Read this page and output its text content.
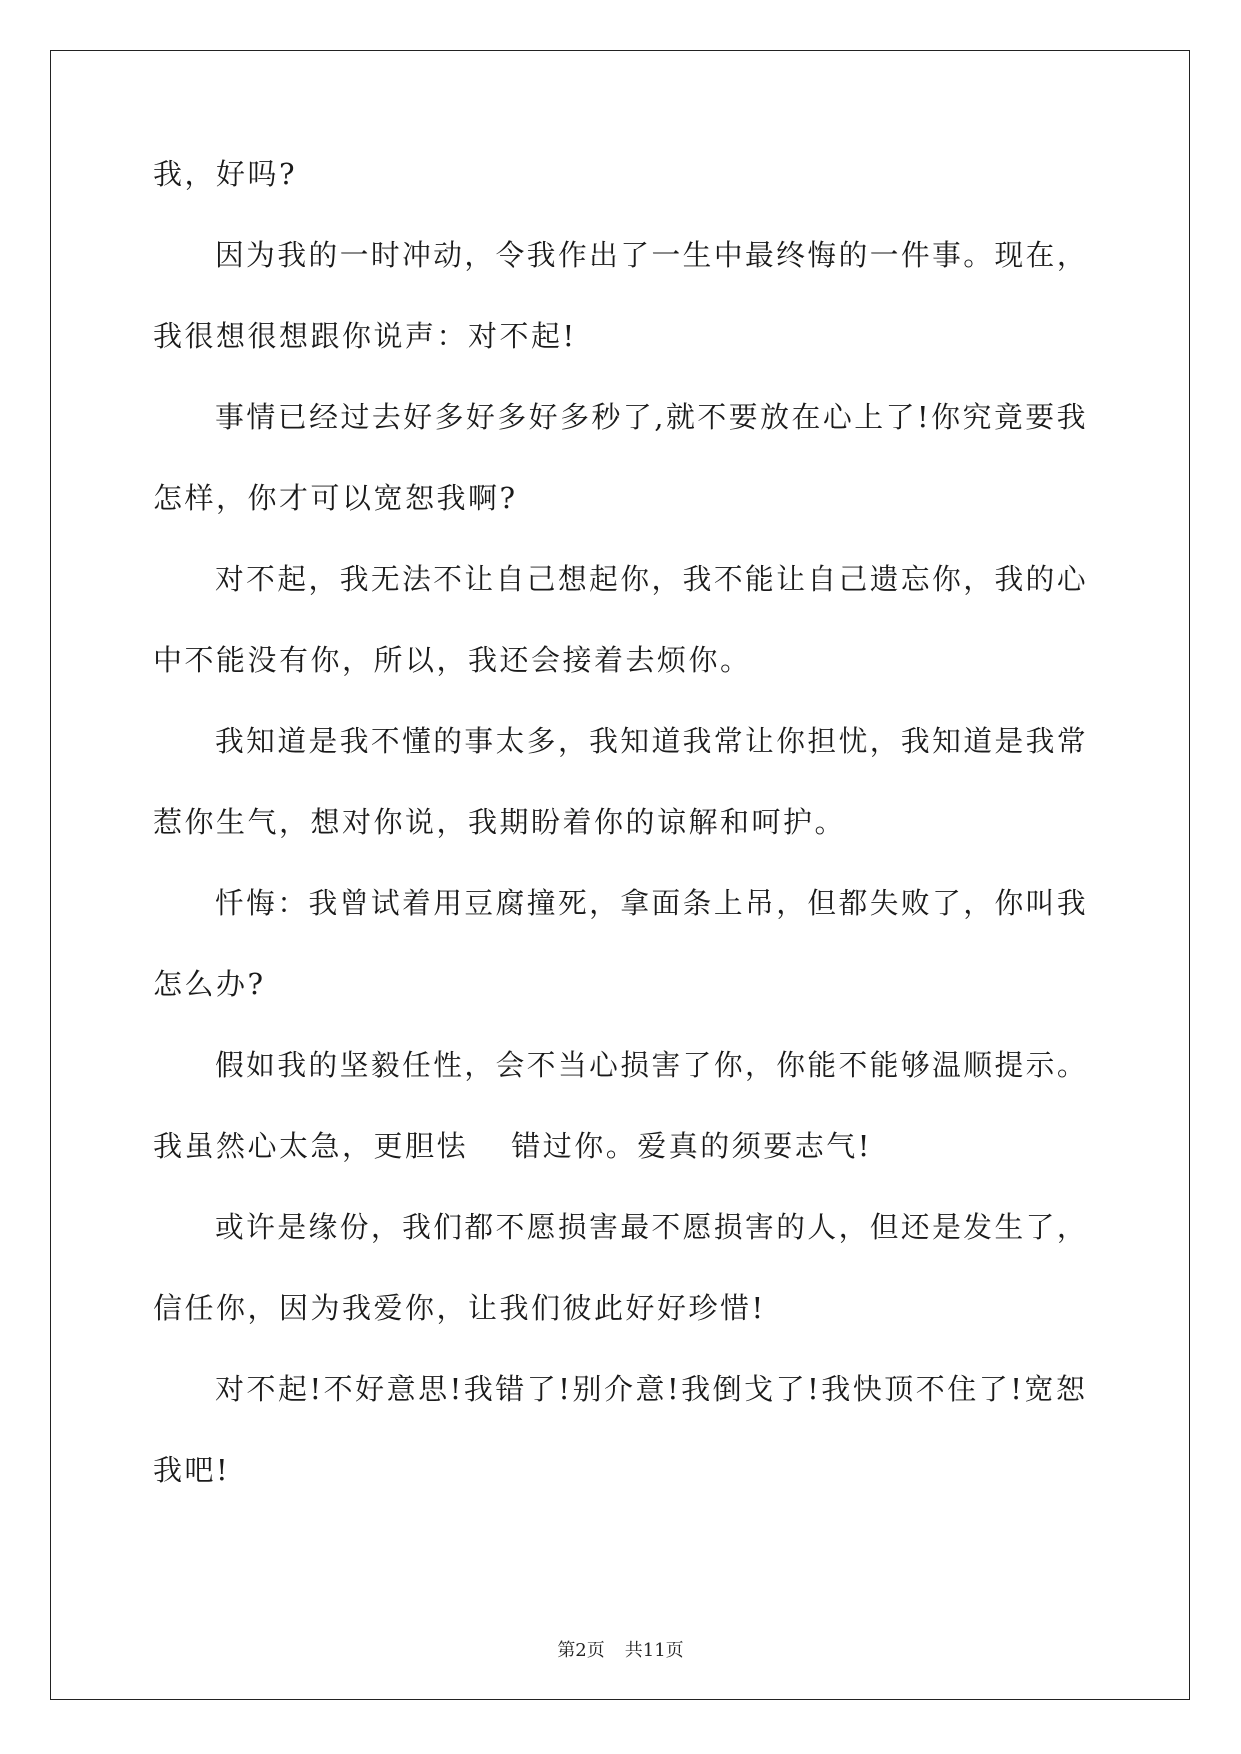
我，好吗?
因为我的一时冲动，令我作出了一生中最终悔的一件事。现在，
我很想很想跟你说声：对不起!
事情已经过去好多好多好多秒了,就不要放在心上了!你究竟要我
怎样，你才可以宽恕我啊?
对不起，我无法不让自己想起你，我不能让自己遗忘你，我的心
中不能没有你，所以，我还会接着去烦你。
我知道是我不懂的事太多，我知道我常让你担忧，我知道是我常
惹你生气，想对你说，我期盼着你的谅解和呵护。
忏悔：我曾试着用豆腐撞死，拿面条上吊，但都失败了，你叫我
怎么办?
假如我的坚毅任性，会不当心损害了你，你能不能够温顺提示。
我虽然心太急，更胆怯　 错过你。爱真的须要志气!
或许是缘份，我们都不愿损害最不愿损害的人，但还是发生了，
信任你，因为我爱你，让我们彼此好好珍惜!
对不起!不好意思!我错了!别介意!我倒戈了!我快顶不住了!宽恕
我吧!
第2页 共11页
